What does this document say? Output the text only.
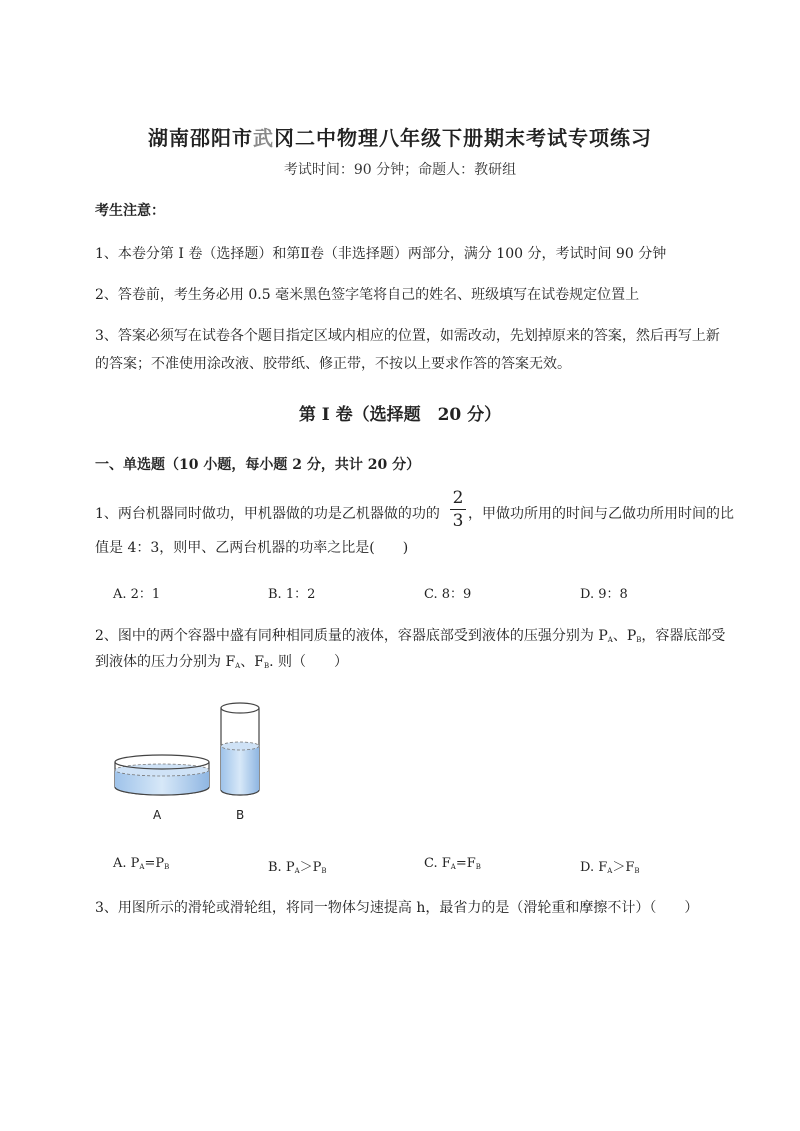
湖南邵阳市武冈二中物理八年级下册期末考试专项练习
考试时间：90 分钟；命题人：教研组
考生注意：
1、本卷分第 I 卷（选择题）和第Ⅱ卷（非选择题）两部分，满分 100 分，考试时间 90 分钟
2、答卷前，考生务必用 0.5 毫米黑色签字笔将自己的姓名、班级填写在试卷规定位置上
3、答案必须写在试卷各个题目指定区域内相应的位置，如需改动，先划掉原来的答案，然后再写上新
的答案；不准使用涂改液、胶带纸、修正带，不按以上要求作答的答案无效。
第 I 卷（选择题　20 分）
一、单选题（10 小题，每小题 2 分，共计 20 分）
1、两台机器同时做功，甲机器做的功是乙机器做的功的
2
3 ，甲做功所用的时间与乙做功所用时间的比
值是 4：3，则甲、乙两台机器的功率之比是(　　)
A. 2：1	B. 1：2	C. 8：9	D. 9：8
2、图中的两个容器中盛有同种相同质量的液体，容器底部受到液体的压强分别为 $P_A$、$P_B$，容器底部受
到液体的压力分别为 $F_A$、$F_B$. 则（　　）
A	B
A. $P_A=P_B$	B. $P_A>P_B$	C. $F_A=F_B$	D. $F_A>F_B$
3、用图所示的滑轮或滑轮组，将同一物体匀速提高 h，最省力的是（滑轮重和摩擦不计）（　　）
